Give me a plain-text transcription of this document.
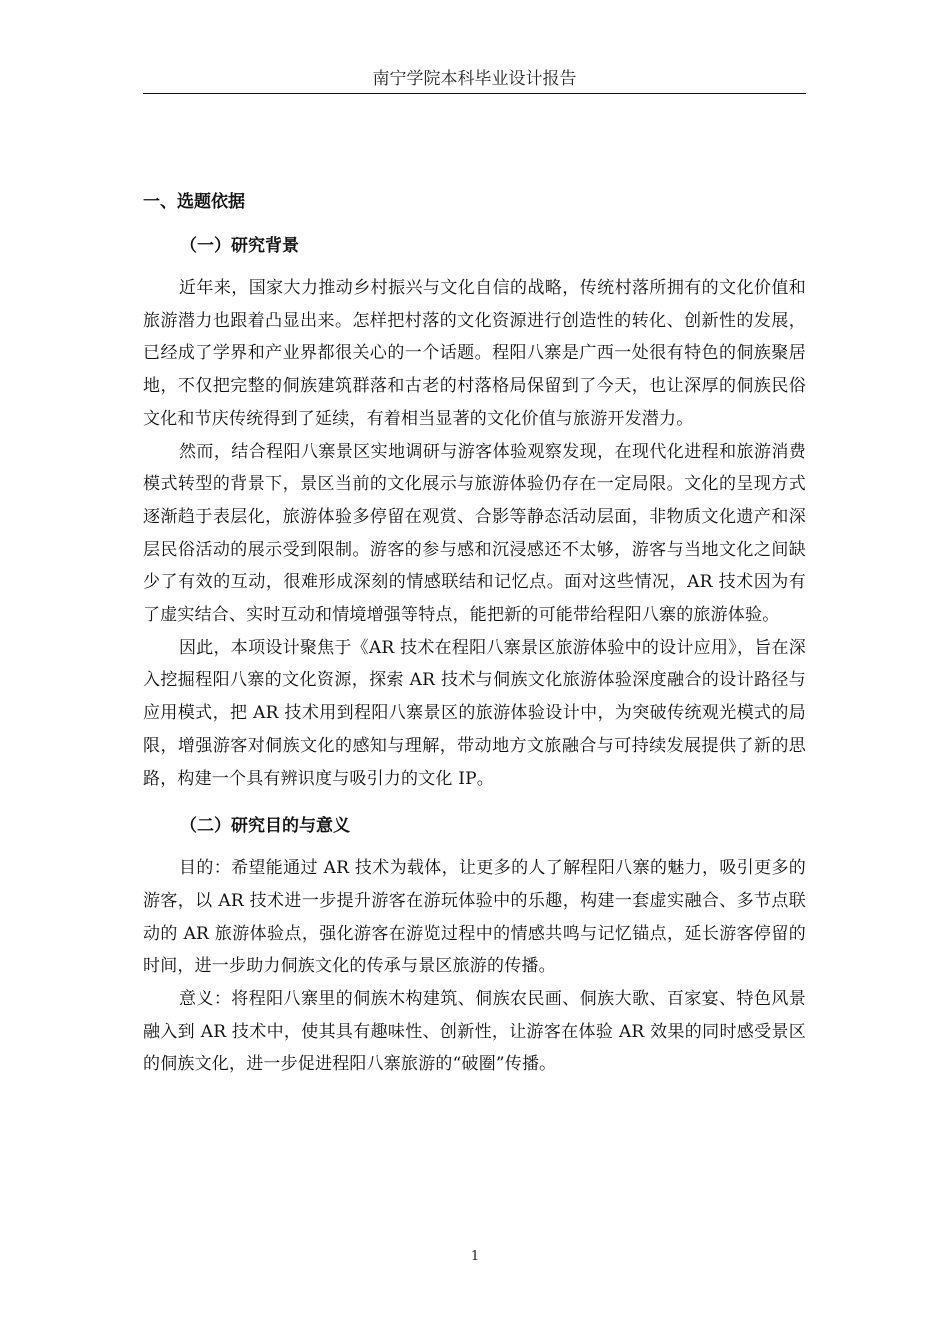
南宁学院本科毕业设计报告
一、选题依据
（一）研究背景

近年来，国家大力推动乡村振兴与文化自信的战略，传统村落所拥有的文化价值和旅游潜力也跟着凸显出来。怎样把村落的文化资源进行创造性的转化、创新性的发展，已经成了学界和产业界都很关心的一个话题。程阳八寨是广西一处很有特色的侗族聚居地，不仅把完整的侗族建筑群落和古老的村落格局保留到了今天，也让深厚的侗族民俗文化和节庆传统得到了延续，有着相当显著的文化价值与旅游开发潜力。

然而，结合程阳八寨景区实地调研与游客体验观察发现，在现代化进程和旅游消费模式转型的背景下，景区当前的文化展示与旅游体验仍存在一定局限。文化的呈现方式逐渐趋于表层化，旅游体验多停留在观赏、合影等静态活动层面，非物质文化遗产和深层民俗活动的展示受到限制。游客的参与感和沉浸感还不太够，游客与当地文化之间缺少了有效的互动，很难形成深刻的情感联结和记忆点。面对这些情况，AR 技术因为有了虚实结合、实时互动和情境增强等特点，能把新的可能带给程阳八寨的旅游体验。

因此，本项设计聚焦于《AR 技术在程阳八寨景区旅游体验中的设计应用》，旨在深入挖掘程阳八寨的文化资源，探索 AR 技术与侗族文化旅游体验深度融合的设计路径与应用模式，把 AR 技术用到程阳八寨景区的旅游体验设计中，为突破传统观光模式的局限，增强游客对侗族文化的感知与理解，带动地方文旅融合与可持续发展提供了新的思路，构建一个具有辨识度与吸引力的文化 IP。

（二）研究目的与意义

目的：希望能通过 AR 技术为载体，让更多的人了解程阳八寨的魅力，吸引更多的游客，以 AR 技术进一步提升游客在游玩体验中的乐趣，构建一套虚实融合、多节点联动的 AR 旅游体验点，强化游客在游览过程中的情感共鸣与记忆锚点，延长游客停留的时间，进一步助力侗族文化的传承与景区旅游的传播。

意义：将程阳八寨里的侗族木构建筑、侗族农民画、侗族大歌、百家宴、特色风景融入到 AR 技术中，使其具有趣味性、创新性，让游客在体验 AR 效果的同时感受景区的侗族文化，进一步促进程阳八寨旅游的“破圈”传播。

1
